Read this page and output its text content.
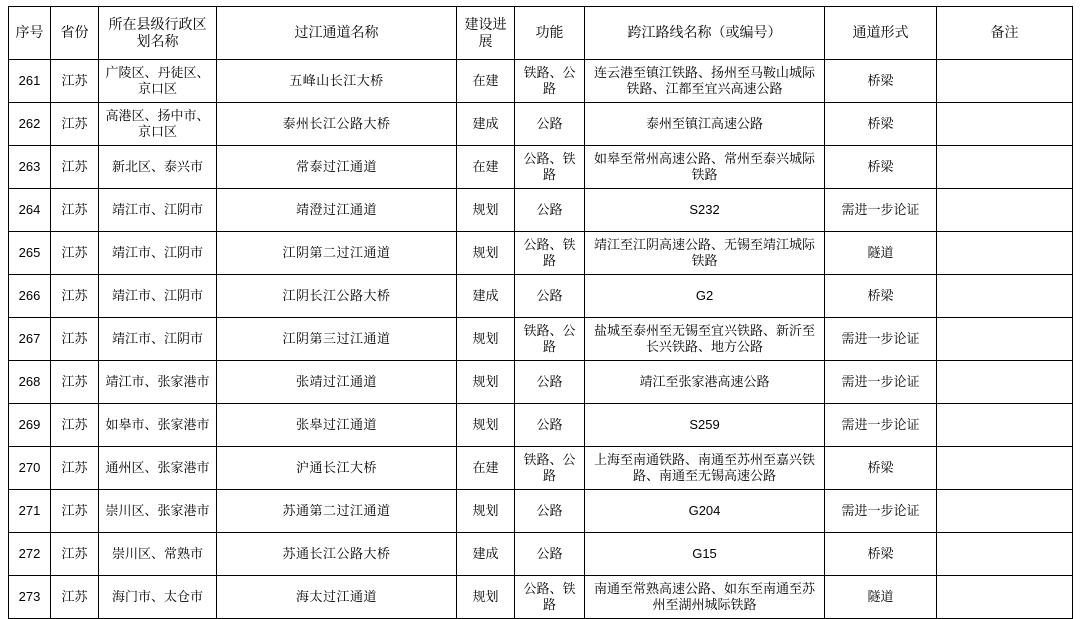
序号	省份	所在县级行政区划名称	过江通道名称	建设进展	功能	跨江路线名称（或编号）	通道形式	备注
261	江苏	广陵区、丹徒区、京口区	五峰山长江大桥	在建	铁路、公路	连云港至镇江铁路、扬州至马鞍山城际铁路、江都至宜兴高速公路	桥梁	
262	江苏	高港区、扬中市、京口区	泰州长江公路大桥	建成	公路	泰州至镇江高速公路	桥梁	
263	江苏	新北区、泰兴市	常泰过江通道	在建	公路、铁路	如皋至常州高速公路、常州至泰兴城际铁路	桥梁	
264	江苏	靖江市、江阴市	靖澄过江通道	规划	公路	S232	需进一步论证	
265	江苏	靖江市、江阴市	江阴第二过江通道	规划	公路、铁路	靖江至江阴高速公路、无锡至靖江城际铁路	隧道	
266	江苏	靖江市、江阴市	江阴长江公路大桥	建成	公路	G2	桥梁	
267	江苏	靖江市、江阴市	江阴第三过江通道	规划	铁路、公路	盐城至泰州至无锡至宜兴铁路、新沂至长兴铁路、地方公路	需进一步论证	
268	江苏	靖江市、张家港市	张靖过江通道	规划	公路	靖江至张家港高速公路	需进一步论证	
269	江苏	如皋市、张家港市	张皋过江通道	规划	公路	S259	需进一步论证	
270	江苏	通州区、张家港市	沪通长江大桥	在建	铁路、公路	上海至南通铁路、南通至苏州至嘉兴铁路、南通至无锡高速公路	桥梁	
271	江苏	崇川区、张家港市	苏通第二过江通道	规划	公路	G204	需进一步论证	
272	江苏	崇川区、常熟市	苏通长江公路大桥	建成	公路	G15	桥梁	
273	江苏	海门市、太仓市	海太过江通道	规划	公路、铁路	南通至常熟高速公路、如东至南通至苏州至湖州城际铁路	隧道	
